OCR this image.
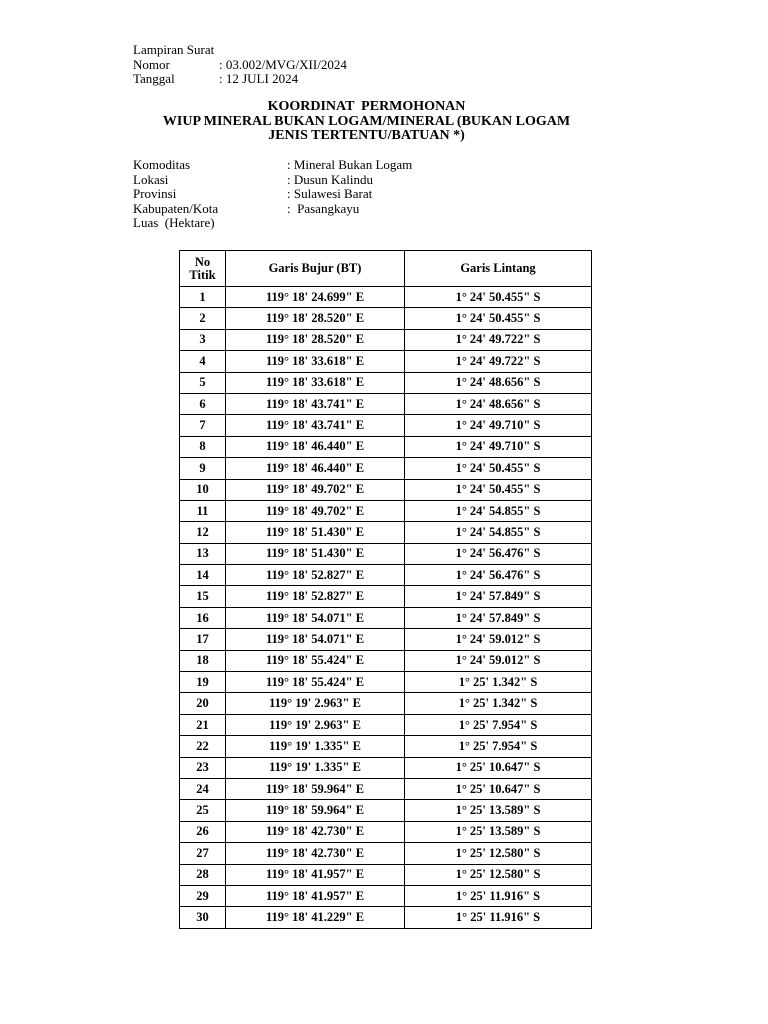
Lampiran Surat
Nomor	: 03.002/MVG/XII/2024
Tanggal	: 12 JULI 2024
KOORDINAT  PERMOHONAN
WIUP MINERAL BUKAN LOGAM/MINERAL (BUKAN LOGAM
JENIS TERTENTU/BATUAN *)
Komoditas	: Mineral Bukan Logam
Lokasi	: Dusun Kalindu
Provinsi	: Sulawesi Barat
Kabupaten/Kota	:  Pasangkayu
Luas  (Hektare)
No
Titik	Garis Bujur (BT)	Garis Lintang
1	119° 18' 24.699" E	1° 24' 50.455" S
2	119° 18' 28.520" E	1° 24' 50.455" S
3	119° 18' 28.520" E	1° 24' 49.722" S
4	119° 18' 33.618" E	1° 24' 49.722" S
5	119° 18' 33.618" E	1° 24' 48.656" S
6	119° 18' 43.741" E	1° 24' 48.656" S
7	119° 18' 43.741" E	1° 24' 49.710" S
8	119° 18' 46.440" E	1° 24' 49.710" S
9	119° 18' 46.440" E	1° 24' 50.455" S
10	119° 18' 49.702" E	1° 24' 50.455" S
11	119° 18' 49.702" E	1° 24' 54.855" S
12	119° 18' 51.430" E	1° 24' 54.855" S
13	119° 18' 51.430" E	1° 24' 56.476" S
14	119° 18' 52.827" E	1° 24' 56.476" S
15	119° 18' 52.827" E	1° 24' 57.849" S
16	119° 18' 54.071" E	1° 24' 57.849" S
17	119° 18' 54.071" E	1° 24' 59.012" S
18	119° 18' 55.424" E	1° 24' 59.012" S
19	119° 18' 55.424" E	1° 25' 1.342" S
20	119° 19' 2.963" E	1° 25' 1.342" S
21	119° 19' 2.963" E	1° 25' 7.954" S
22	119° 19' 1.335" E	1° 25' 7.954" S
23	119° 19' 1.335" E	1° 25' 10.647" S
24	119° 18' 59.964" E	1° 25' 10.647" S
25	119° 18' 59.964" E	1° 25' 13.589" S
26	119° 18' 42.730" E	1° 25' 13.589" S
27	119° 18' 42.730" E	1° 25' 12.580" S
28	119° 18' 41.957" E	1° 25' 12.580" S
29	119° 18' 41.957" E	1° 25' 11.916" S
30	119° 18' 41.229" E	1° 25' 11.916" S
